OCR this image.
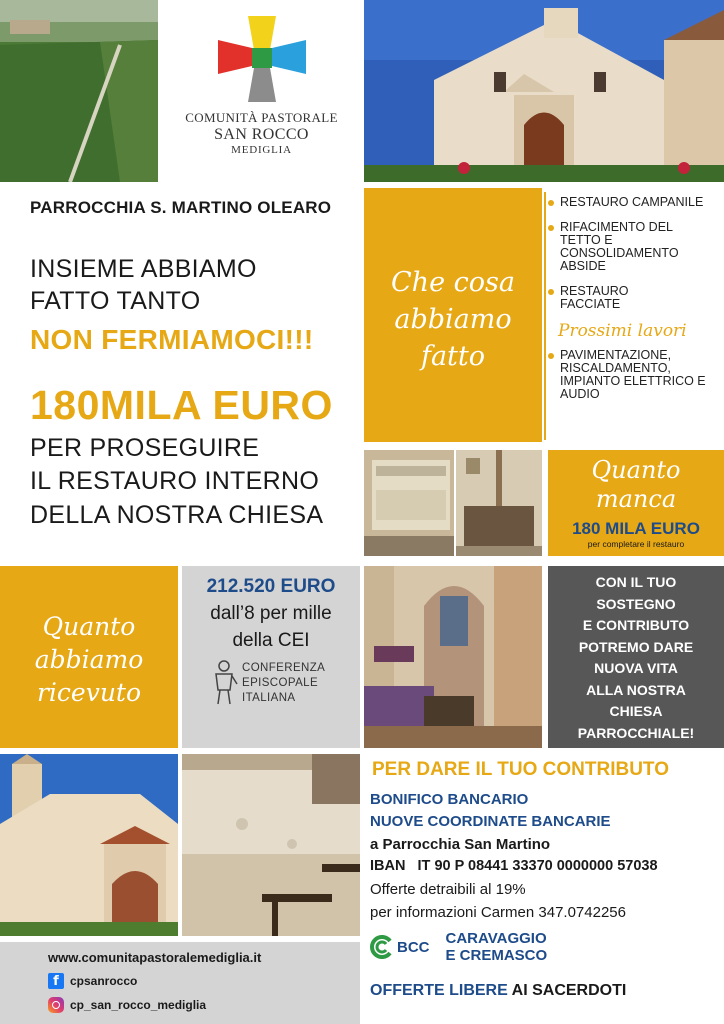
COMUNITÀ PASTORALE
SAN ROCCO
MEDIGLIA
PARROCCHIA S. MARTINO OLEARO
INSIEME ABBIAMO
FATTO TANTO
NON FERMIAMOCI!!!
180MILA EURO
PER PROSEGUIRE
IL RESTAURO INTERNO
DELLA NOSTRA CHIESA
Che cosa
abbiamo
fatto
RESTAURO CAMPANILE
RIFACIMENTO DEL TETTO E CONSOLIDAMENTO ABSIDE
RESTAURO FACCIATE
Prossimi lavori
PAVIMENTAZIONE, RISCALDAMENTO, IMPIANTO ELETTRICO E AUDIO
Quanto
manca
180 MILA EURO
per completare il restauro
Quanto
abbiamo
ricevuto
212.520 EURO
dall’8 per mille
della CEI
CONFERENZA
EPISCOPALE
ITALIANA
CON IL TUO
SOSTEGNO
E CONTRIBUTO
POTREMO DARE
NUOVA VITA
ALLA NOSTRA
CHIESA
PARROCCHIALE!
PER DARE IL TUO CONTRIBUTO
BONIFICO BANCARIO
NUOVE COORDINATE BANCARIE
a Parrocchia San Martino
IBAN   IT 90 P 08441 33370 0000000 57038
Offerte detraibili al 19%
per informazioni Carmen 347.0742256
BCC CARAVAGGIO
E CREMASCO
OFFERTE LIBERE AI SACERDOTI
www.comunitapastoralemediglia.it
f cpsanrocco
cp_san_rocco_mediglia
